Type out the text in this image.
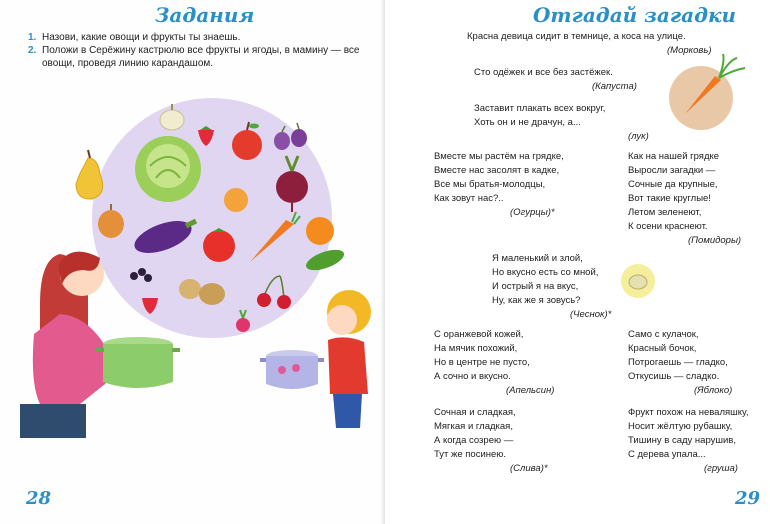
Задания
1. Назови, какие овощи и фрукты ты знаешь.
2. Положи в Серёжину кастрюлю все фрукты и ягоды, в мамину — все овощи, проведя линию карандашом.
28
Отгадай загадки
Красна девица сидит в темнице, а коса на улице.
(Морковь)
Сто одёжек и все без застёжек.
(Капуста)
Заставит плакать всех вокруг,
Хоть он и не драчун, а...
(лук)
Вместе мы растём на грядке,
Вместе нас засолят в кадке,
Все мы братья-молодцы,
Как зовут нас?..
(Огурцы)*
Как на нашей грядке
Выросли загадки —
Сочные да крупные,
Вот такие круглые!
Летом зеленеют,
К осени краснеют.
(Помидоры)
Я маленький и злой,
Но вкусно есть со мной,
И острый я на вкус,
Ну, как же я зовусь?
(Чеснок)*
С оранжевой кожей,
На мячик похожий,
Но в центре не пусто,
А сочно и вкусно.
(Апельсин)
Само с кулачок,
Красный бочок,
Потрогаешь — гладко,
Откусишь — сладко.
(Яблоко)
Сочная и сладкая,
Мягкая и гладкая,
А когда созрею —
Тут же посинею.
(Слива)*
Фрукт похож на неваляшку,
Носит жёлтую рубашку,
Тишину в саду нарушив,
С дерева упала...
(груша)
29
